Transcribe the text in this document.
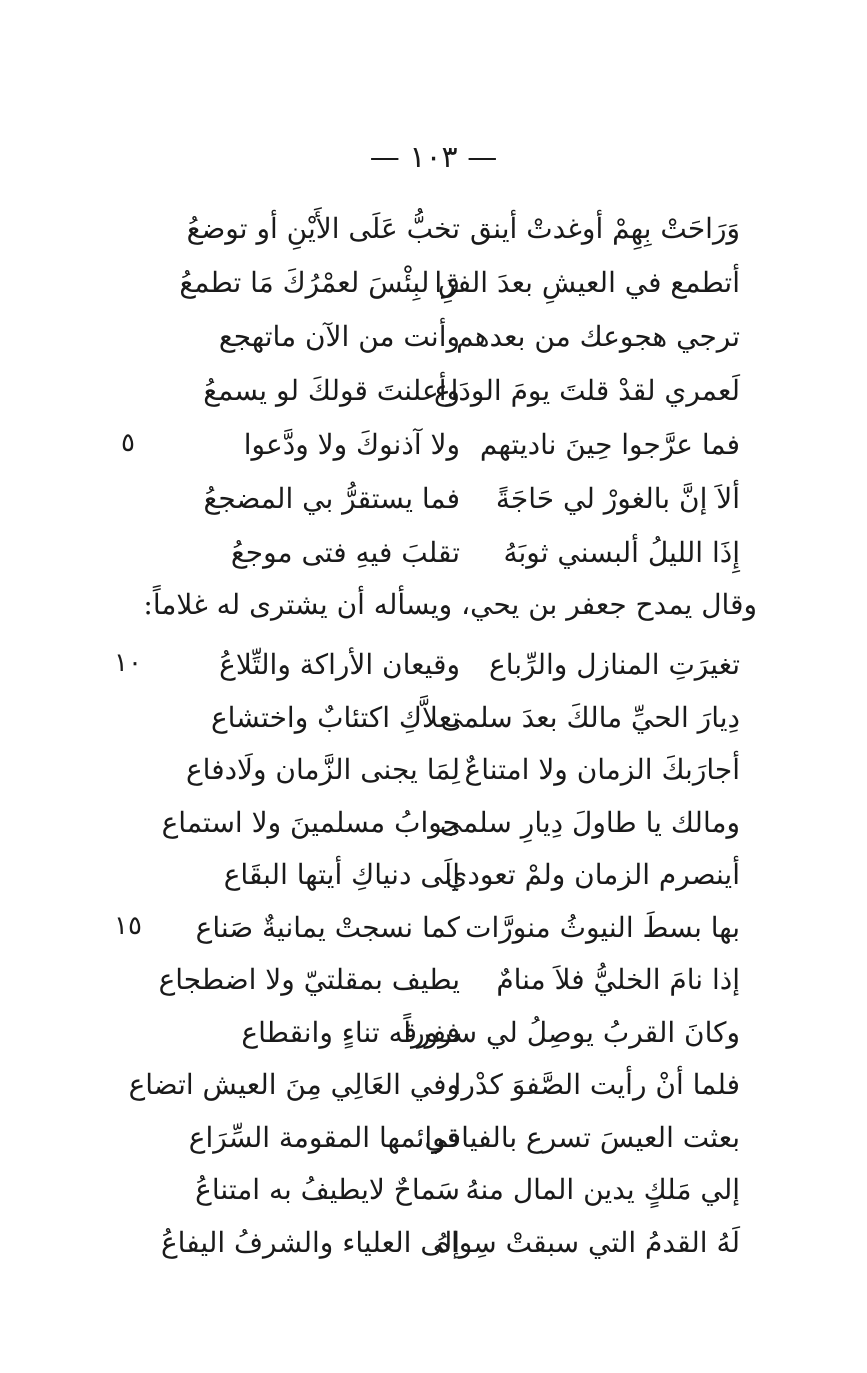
— ١٠٣ —
وَرَاحَتْ بِهِمْ أوغدتْ أينق
تخبُّ عَلَى الأَيْنِ أو توضعُ
أتطمع في العيشِ بعدَ الفرَا
قِ لبِئْسَ لعمْرُكَ مَا تطمعُ
ترجي هجوعك من بعدهم
وأنت من الآن ماتهجع
لَعمري لقدْ قلتَ يومَ الودَاع
وأعلنتَ قولكَ لو يسمعُ
فما عرَّجوا حِينَ ناديتهم
ولا آذنوكَ ولا ودَّعوا
٥
ألاَ إنَّ بالغورْ لي حَاجَةً
فما يستقرُّ بي المضجعُ
إِذَا الليلُ ألبسني ثوبَهُ
تقلبَ فيهِ فتى موجعُ
وقال يمدح جعفر بن يحي، ويسأله أن يشترى له غلاماً:
تغيرَتِ المنازل والرِّباع
وقيعان الأراكة والتِّلاعُ
١٠
دِيارَ الحيِّ مالكَ بعدَ سلمى
تعلاَّكِ اكتئابٌ واختشاع
أجارَبكَ الزمان ولا امتناعٌ
لِمَا يجنى الزَّمان ولَادفاع
ومالك يا طاولَ دِيارِ سلمى
جوابُ مسلمينَ ولا استماع
أينصرم الزمان ولمْ تعودي
إلَى دنياكِ أيتها البقَاع
بها بسطَ النيوثُ منورَّات
كما نسجتْ يمانيةٌ صَناع
١٥
إذا نامَ الخليُّ فلاَ منامٌ
يطيف بمقلتيّ ولا اضطجاع
وكانَ القربُ يوصِلُ لي سروراً
ففرقه تناءٍ وانقطاع
فلما أنْ رأيت الصَّفوَ كدْرا
وفي العَالِي مِنَ العيش اتضاع
بعثت العيسَ تسرع بالفيافي
قوائمها المقومة السِّرَاع
إلي مَلكٍ يدين المال منهُ
سَماحٌ لايطيفُ به امتناعُ
لَهُ القدمُ التي سبقتْ سِواهُ
إلى العلياء والشرفُ اليفاعُ
